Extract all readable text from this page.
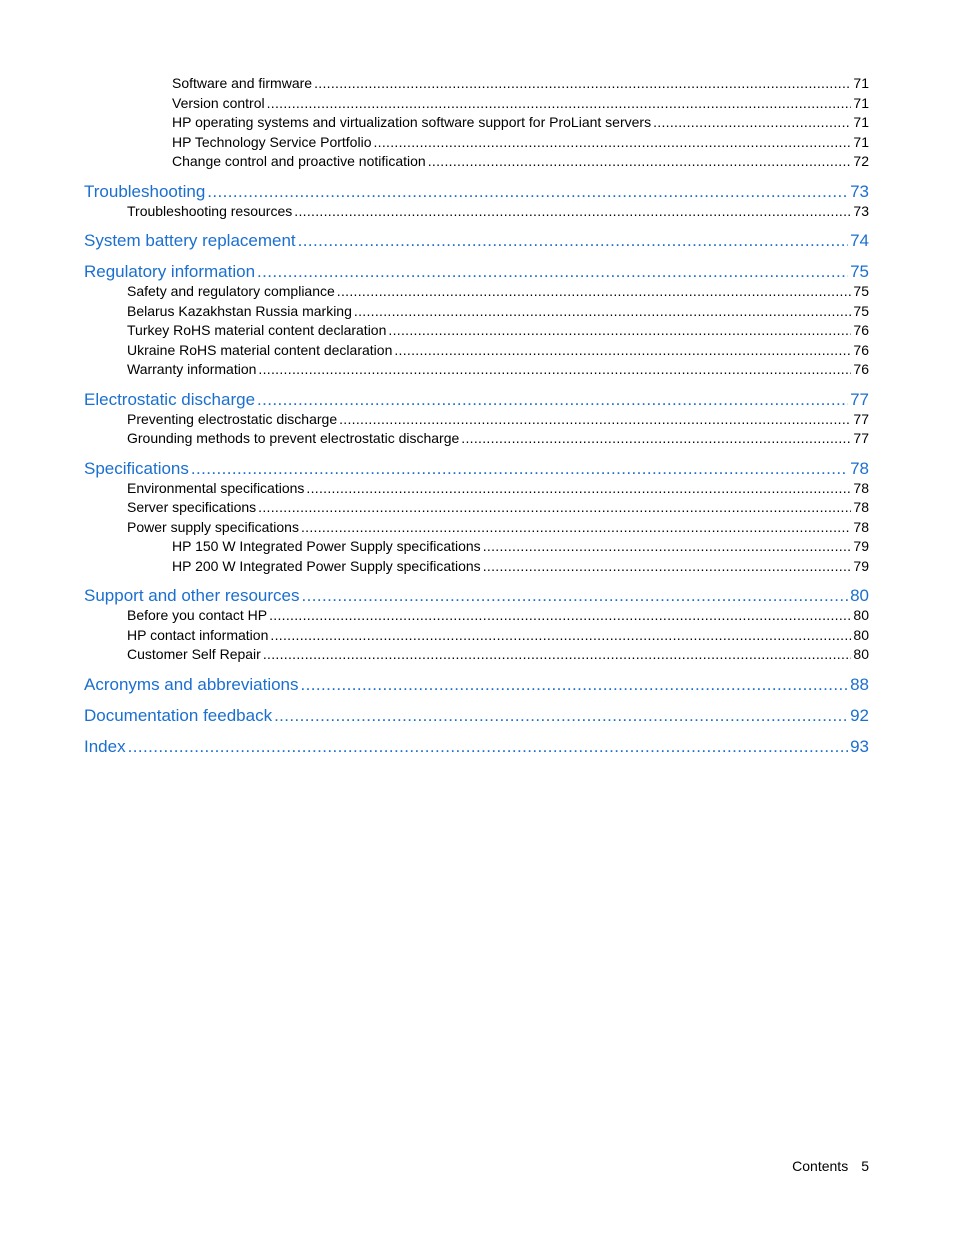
Software and firmware .....	71
Version control .....	71
HP operating systems and virtualization software support for ProLiant servers .....	71
HP Technology Service Portfolio .....	71
Change control and proactive notification .....	72
Troubleshooting .....	73
Troubleshooting resources .....	73
System battery replacement .....	74
Regulatory information .....	75
Safety and regulatory compliance .....	75
Belarus Kazakhstan Russia marking .....	75
Turkey RoHS material content declaration .....	76
Ukraine RoHS material content declaration .....	76
Warranty information .....	76
Electrostatic discharge .....	77
Preventing electrostatic discharge .....	77
Grounding methods to prevent electrostatic discharge .....	77
Specifications .....	78
Environmental specifications .....	78
Server specifications .....	78
Power supply specifications .....	78
HP 150 W Integrated Power Supply specifications .....	79
HP 200 W Integrated Power Supply specifications .....	79
Support and other resources .....	80
Before you contact HP .....	80
HP contact information .....	80
Customer Self Repair .....	80
Acronyms and abbreviations .....	88
Documentation feedback .....	92
Index .....	93
Contents 5
